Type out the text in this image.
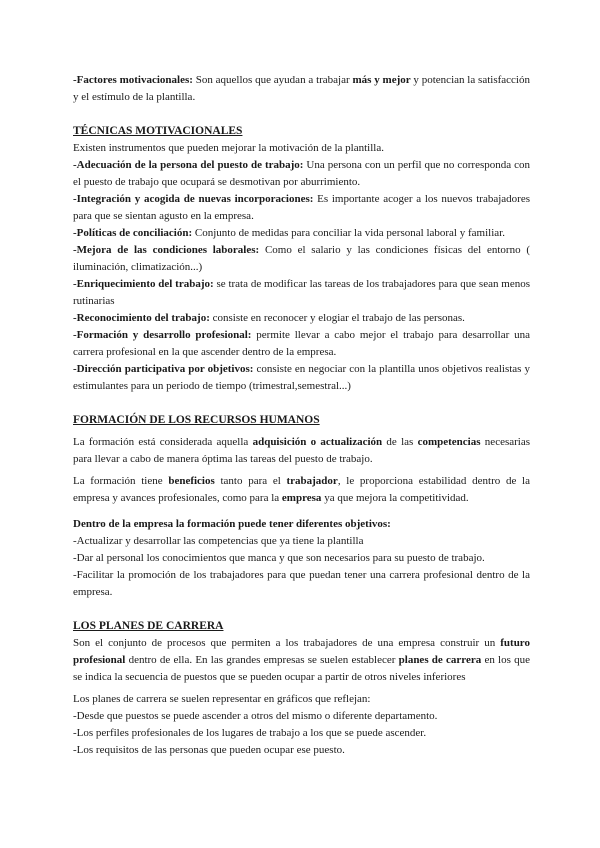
-Factores motivacionales: Son aquellos que ayudan a trabajar más y mejor y potencian la satisfacción y el estímulo de la plantilla.

TÉCNICAS MOTIVACIONALES

Existen instrumentos que pueden mejorar la motivación de la plantilla.

-Adecuación de la persona del puesto de trabajo: Una persona con un perfil que no corresponda con el puesto de trabajo que ocupará se desmotivan por aburrimiento.

-Integración y acogida de nuevas incorporaciones: Es importante acoger a los nuevos trabajadores para que se sientan agusto en la empresa.

-Políticas de conciliación: Conjunto de medidas para conciliar la vida personal laboral y familiar.

-Mejora de las condiciones laborales: Como el salario y las condiciones físicas del entorno ( iluminación, climatización...)

-Enriquecimiento del trabajo: se trata de modificar las tareas de los trabajadores para que sean menos rutinarias

-Reconocimiento del trabajo: consiste en reconocer y elogiar el trabajo de las personas.

-Formación y desarrollo profesional: permite llevar a cabo mejor el trabajo para desarrollar una carrera profesional en la que ascender dentro de la empresa.

-Dirección participativa por objetivos: consiste en negociar con la plantilla unos objetivos realistas y estimulantes para un periodo de tiempo (trimestral,semestral...)

FORMACIÓN DE LOS RECURSOS HUMANOS

La formación está considerada aquella adquisición o actualización de las competencias necesarias para llevar a cabo de manera óptima las tareas del puesto de trabajo.

La formación tiene beneficios tanto para el trabajador, le proporciona estabilidad dentro de la empresa y avances profesionales, como para la empresa ya que mejora la competitividad.

Dentro de la empresa la formación puede tener diferentes objetivos:

-Actualizar y desarrollar las competencias que ya tiene la plantilla

-Dar al personal los conocimientos que manca y que son necesarios para su puesto de trabajo.

-Facilitar la promoción de los trabajadores para que puedan tener una carrera profesional dentro de la empresa.

LOS PLANES DE CARRERA

Son el conjunto de procesos que permiten a los trabajadores de una empresa construir un futuro profesional dentro de ella. En las grandes empresas se suelen establecer planes de carrera en los que se indica la secuencia de puestos que se pueden ocupar a partir de otros niveles inferiores

Los planes de carrera se suelen representar en gráficos que reflejan:

-Desde que puestos se puede ascender a otros del mismo o diferente departamento.

-Los perfiles profesionales de los lugares de trabajo a los que se puede ascender.

-Los requisitos de las personas que pueden ocupar ese puesto.
